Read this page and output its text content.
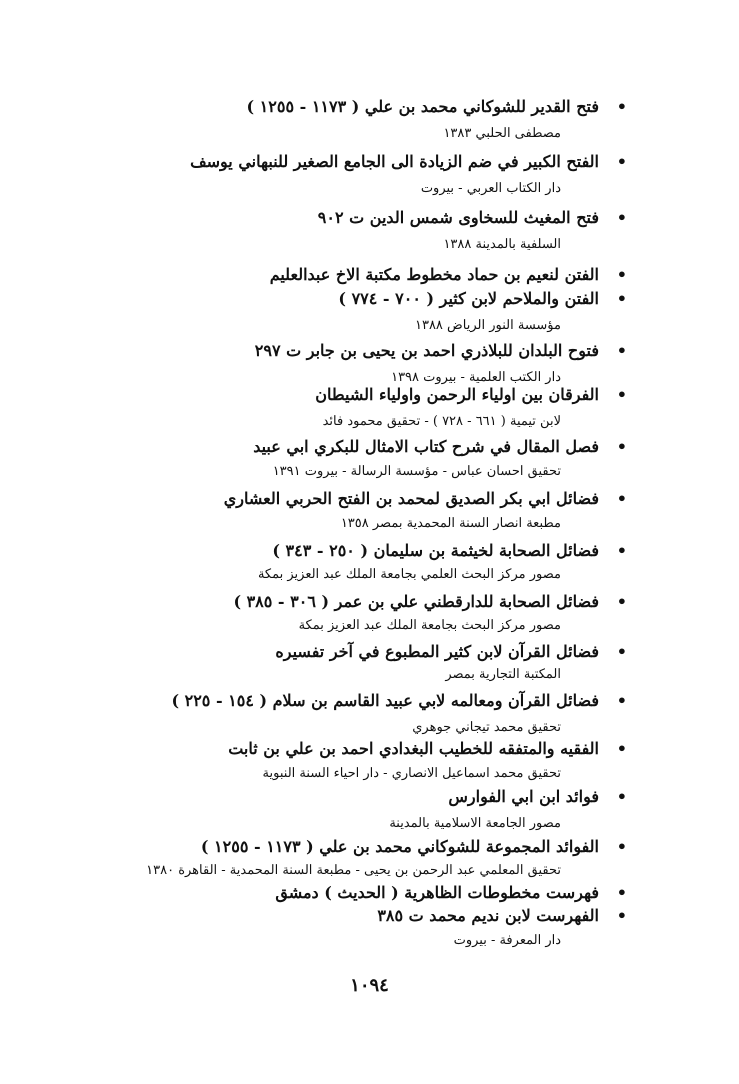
•فتح القدير للشوكاني محمد بن علي ( ١١٧٣ - ١٢٥٥ )
مصطفى الحلبي ١٣٨٣
•الفتح الكبير في ضم الزيادة الى الجامع الصغير للنبهاني يوسف
دار الكتاب العربي - بيروت
•فتح المغيث للسخاوى شمس الدين ت ٩٠٢
السلفية بالمدينة ١٣٨٨
•الفتن لنعيم بن حماد مخطوط مكتبة الاخ عبدالعليم
•الفتن والملاحم لابن كثير ( ٧٠٠ - ٧٧٤ )
مؤسسة النور الرياض ١٣٨٨
•فتوح البلدان للبلاذري احمد بن يحيى بن جابر ت ٢٩٧
دار الكتب العلمية - بيروت ١٣٩٨
•الفرقان بين اولياء الرحمن واولياء الشيطان
لابن تيمية ( ٦٦١ - ٧٢٨ ) - تحقيق محمود فائد
•فصل المقال في شرح كتاب الامثال للبكري ابي عبيد
تحقيق احسان عباس - مؤسسة الرسالة - بيروت ١٣٩١
•فضائل ابي بكر الصديق لمحمد بن الفتح الحربي العشاري
مطبعة انصار السنة المحمدية بمصر ١٣٥٨
•فضائل الصحابة لخيثمة بن سليمان ( ٢٥٠ - ٣٤٣ )
مصور مركز البحث العلمي بجامعة الملك عبد العزيز بمكة
•فضائل الصحابة للدارقطني علي بن عمر ( ٣٠٦ - ٣٨٥ )
مصور مركز البحث بجامعة الملك عبد العزيز بمكة
•فضائل القرآن لابن كثير المطبوع في آخر تفسيره
المكتبة التجارية بمصر
•فضائل القرآن ومعالمه لابي عبيد القاسم بن سلام ( ١٥٤ - ٢٢٥ )
تحقيق محمد تيجاني جوهري
•الفقيه والمتفقه للخطيب البغدادي احمد بن علي بن ثابت
تحقيق محمد اسماعيل الانصاري - دار احياء السنة النبوية
•فوائد ابن ابي الفوارس
مصور الجامعة الاسلامية بالمدينة
•الفوائد المجموعة للشوكاني محمد بن علي ( ١١٧٣ - ١٢٥٥ )
تحقيق المعلمي عبد الرحمن بن يحيى - مطبعة السنة المحمدية - القاهرة ١٣٨٠
•فهرست مخطوطات الظاهرية ( الحديث ) دمشق
•الفهرست لابن نديم محمد ت ٣٨٥
دار المعرفة - بيروت
١٠٩٤
